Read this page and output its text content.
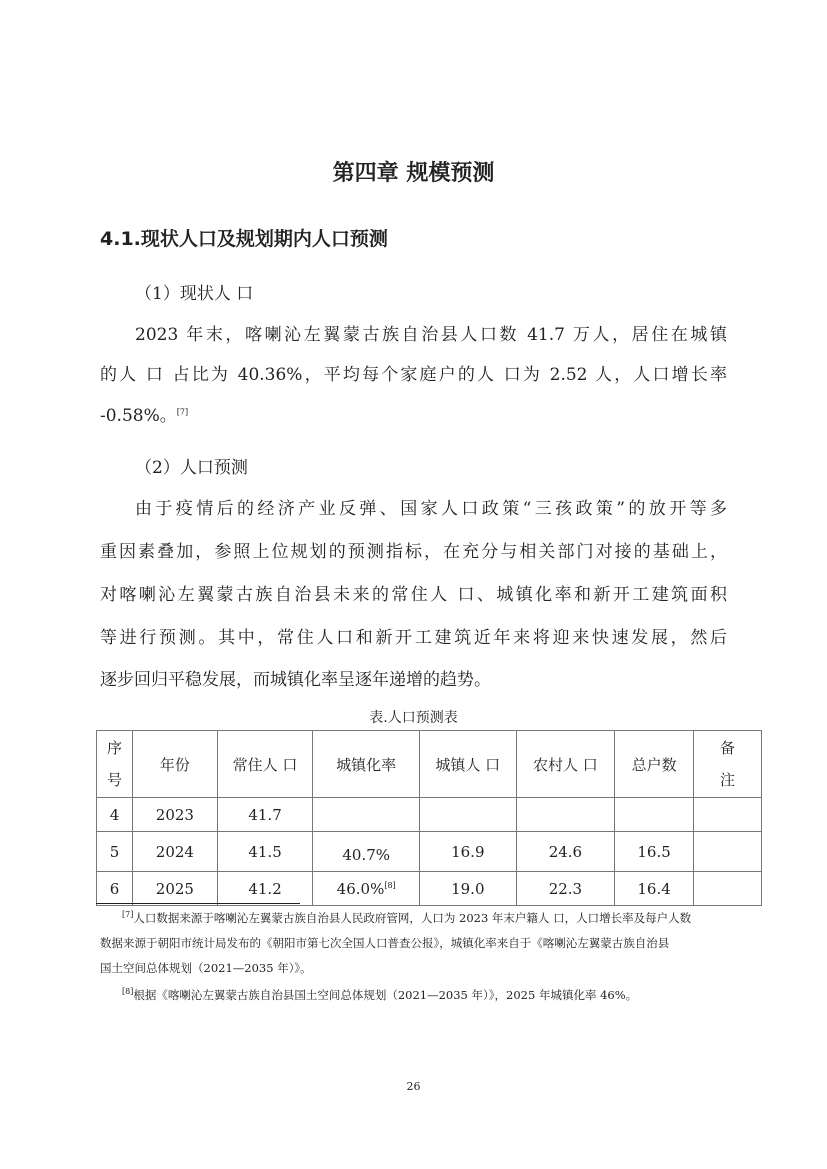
第四章 规模预测
4.1.现状人口及规划期内人口预测
（1）现状人 口
2023 年末，喀喇沁左翼蒙古族自治县人口数 41.7 万人，居住在城镇
的人 口 占比为 40.36%，平均每个家庭户的人 口为 2.52 人，人口增长率
-0.58%。[7]
（2）人口预测
由于疫情后的经济产业反弹、国家人口政策“三孩政策”的放开等多
重因素叠加，参照上位规划的预测指标，在充分与相关部门对接的基础上，
对喀喇沁左翼蒙古族自治县未来的常住人 口、城镇化率和新开工建筑面积
等进行预测。其中，常住人口和新开工建筑近年来将迎来快速发展，然后
逐步回归平稳发展，而城镇化率呈逐年递增的趋势。
表.人口预测表
序号	年份	常住人 口	城镇化率	城镇人 口	农村人 口	总户数	备注
4	2023	41.7					
5	2024	41.5	40.7%	16.9	24.6	16.5	
6	2025	41.2	46.0%[8]	19.0	22.3	16.4	
[7]人口数据来源于喀喇沁左翼蒙古族自治县人民政府管网，人口为 2023 年末户籍人 口，人口增长率及每户人数
数据来源于朝阳市统计局发布的《朝阳市第七次全国人口普查公报》，城镇化率来自于《喀喇沁左翼蒙古族自治县
国土空间总体规划（2021—2035 年）》。
[8]根据《喀喇沁左翼蒙古族自治县国土空间总体规划（2021—2035 年）》，2025 年城镇化率 46%。
26
